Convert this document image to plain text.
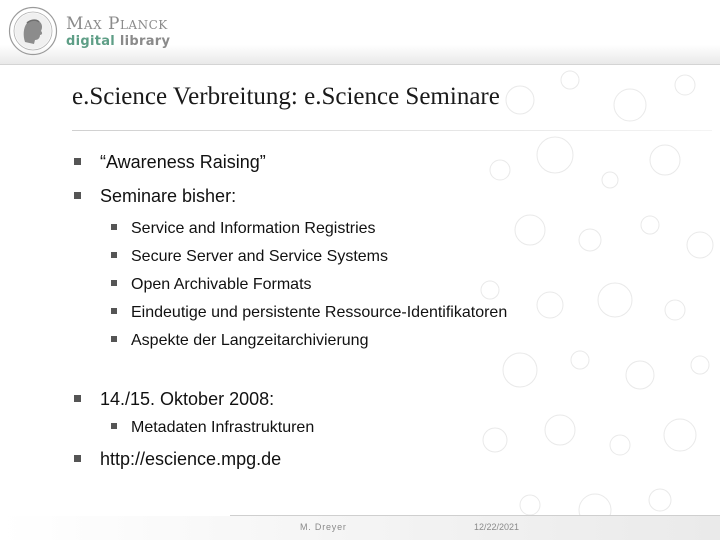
Max Planck
digital library
e.Science Verbreitung: e.Science Seminare
“Awareness Raising”
Seminare bisher:
Service and Information Registries
Secure Server and Service Systems
Open Archivable Formats
Eindeutige und persistente Ressource-Identifikatoren
Aspekte der Langzeitarchivierung
14./15. Oktober 2008:
Metadaten Infrastrukturen
http://escience.mpg.de
M. Dreyer	12/22/2021
